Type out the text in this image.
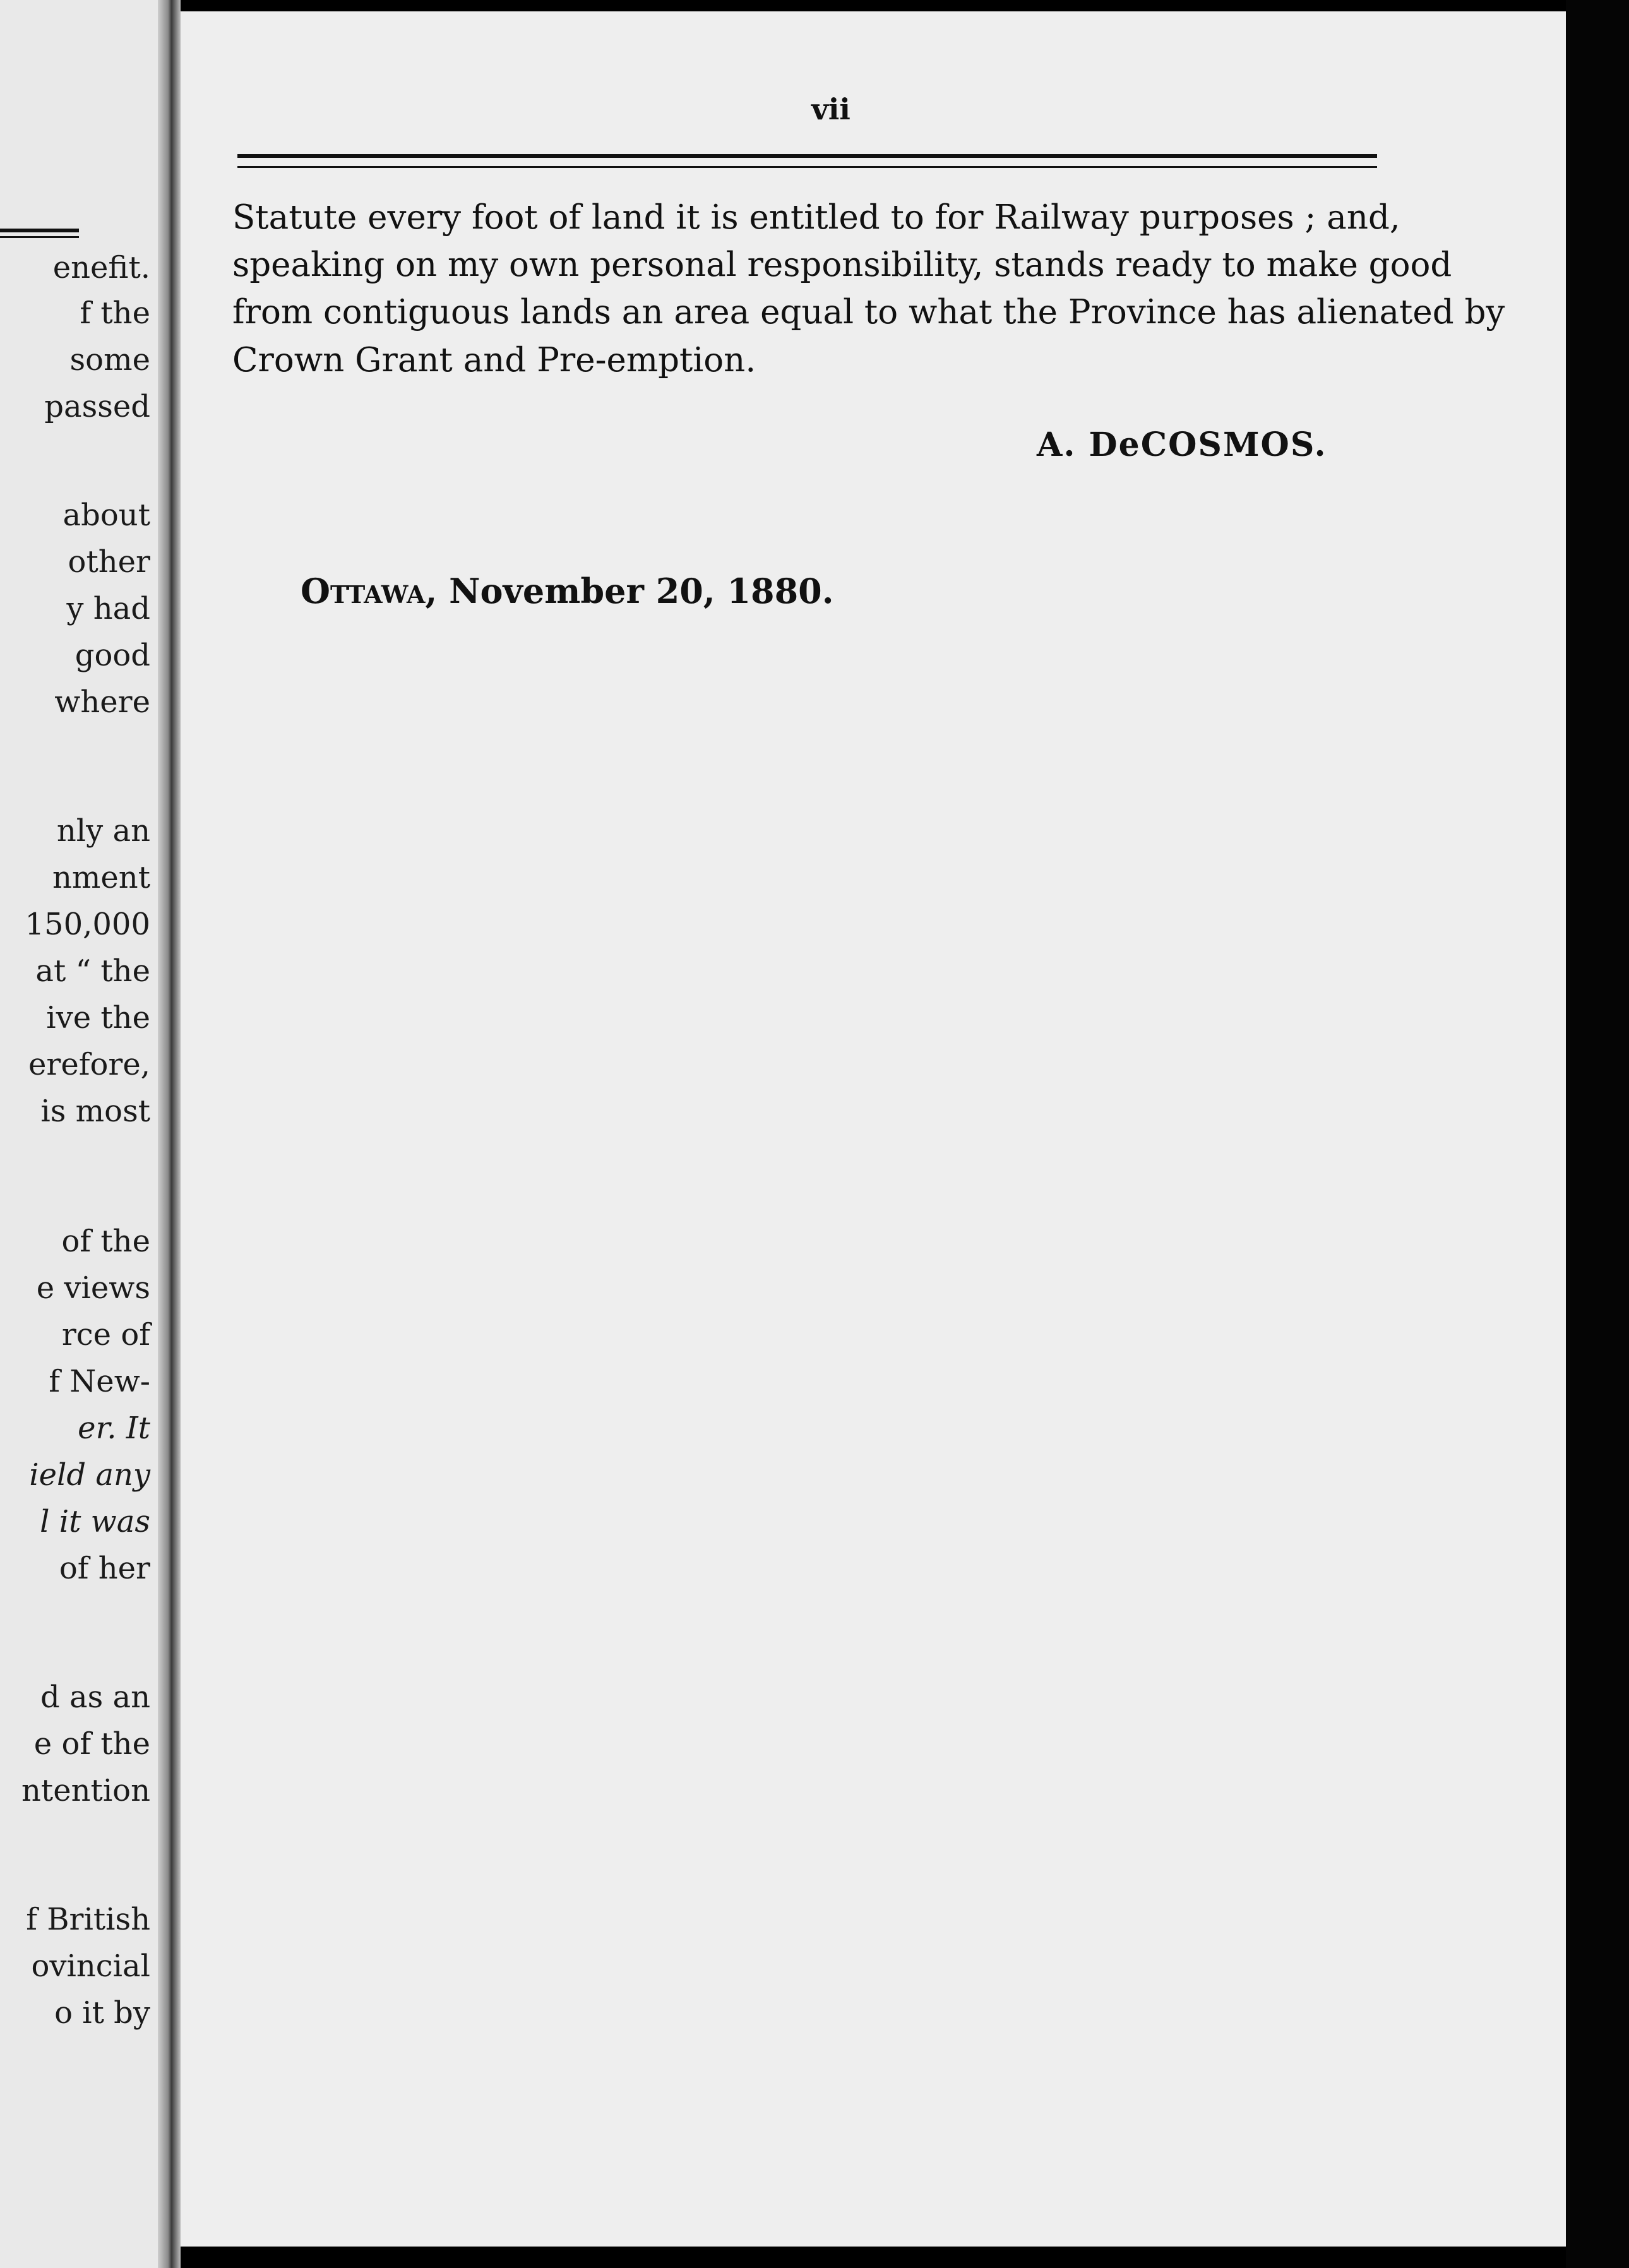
enefit.
f the
some
passed
about
other
y had
good
where
nly an
nment
150,000
at “ the
ive the
erefore,
is most
of the
e views
rce of
f New-
er. It
ield any
l it was
of her
d as an
e of the
ntention
f British
ovincial
o it by
vii
Statute every foot of land it is entitled to for Railway purposes ; and,
speaking on my own personal responsibility, stands ready to make good
from contiguous lands an area equal to what the Province has alienated by
Crown Grant and Pre-emption.
A. DeCOSMOS.
Ottawa, November 20, 1880.
